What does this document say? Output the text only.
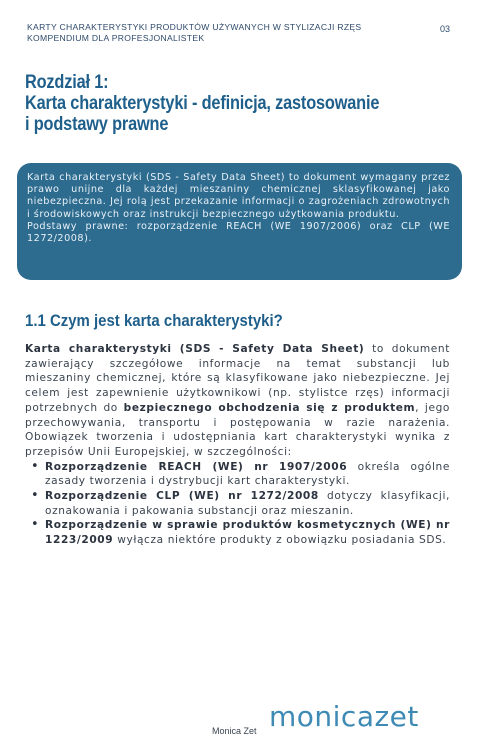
KARTY CHARAKTERYSTYKI PRODUKTÓW UŻYWANYCH W STYLIZACJI RZĘS
KOMPENDIUM DLA PROFESJONALISTEK
03
Rozdział 1:
Karta charakterystyki - definicja, zastosowanie
i podstawy prawne

Karta charakterystyki (SDS - Safety Data Sheet) to dokument wymagany przez prawo unijne dla każdej mieszaniny chemicznej sklasyfikowanej jako niebezpieczna. Jej rolą jest przekazanie informacji o zagrożeniach zdrowotnych i środowiskowych oraz instrukcji bezpiecznego użytkowania produktu.

Podstawy prawne: rozporządzenie REACH (WE 1907/2006) oraz CLP (WE 1272/2008).

1.1 Czym jest karta charakterystyki?

Karta charakterystyki (SDS - Safety Data Sheet) to dokument zawierający szczegółowe informacje na temat substancji lub mieszaniny chemicznej, które są klasyfikowane jako niebezpieczne. Jej celem jest zapewnienie użytkownikowi (np. stylistce rzęs) informacji potrzebnych do bezpiecznego obchodzenia się z produktem, jego przechowywania, transportu i postępowania w razie narażenia. Obowiązek tworzenia i udostępniania kart charakterystyki wynika z przepisów Unii Europejskiej, w szczególności:

• Rozporządzenie REACH (WE) nr 1907/2006 określa ogólne zasady tworzenia i dystrybucji kart charakterystyki.
• Rozporządzenie CLP (WE) nr 1272/2008 dotyczy klasyfikacji, oznakowania i pakowania substancji oraz mieszanin.
• Rozporządzenie w sprawie produktów kosmetycznych (WE) nr 1223/2009 wyłącza niektóre produkty z obowiązku posiadania SDS.
Monica Zet monicazet
